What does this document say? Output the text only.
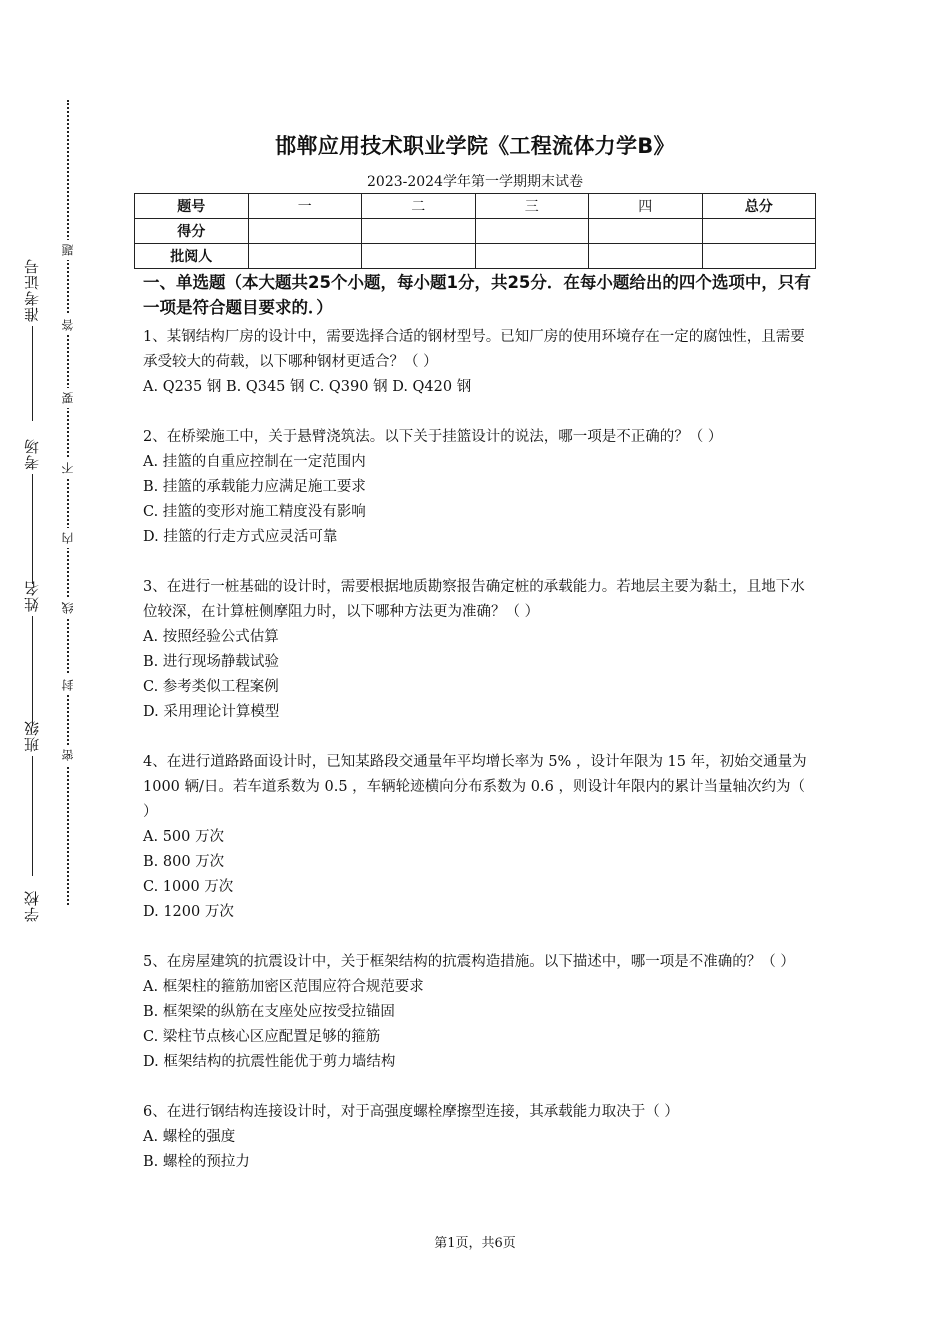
准考证号
考场
姓名
班级
学校
题
答
要
不
内
线
封
密
邯郸应用技术职业学院《工程流体力学B》
2023-2024学年第一学期期末试卷
题号	一	二	三	四	总分
得分					
批阅人					
一、单选题（本大题共25个小题，每小题1分，共25分．在每小题给出的四个选项中，只有一项是符合题目要求的．）
1、某钢结构厂房的设计中，需要选择合适的钢材型号。已知厂房的使用环境存在一定的腐蚀性，且需要承受较大的荷载，以下哪种钢材更适合？（ ）
A. Q235 钢 B. Q345 钢 C. Q390 钢 D. Q420 钢
2、在桥梁施工中，关于悬臂浇筑法。以下关于挂篮设计的说法，哪一项是不正确的？（ ）
A. 挂篮的自重应控制在一定范围内
B. 挂篮的承载能力应满足施工要求
C. 挂篮的变形对施工精度没有影响
D. 挂篮的行走方式应灵活可靠
3、在进行一桩基础的设计时，需要根据地质勘察报告确定桩的承载能力。若地层主要为黏土，且地下水位较深，在计算桩侧摩阻力时，以下哪种方法更为准确？（ ）
A. 按照经验公式估算
B. 进行现场静载试验
C. 参考类似工程案例
D. 采用理论计算模型
4、在进行道路路面设计时，已知某路段交通量年平均增长率为 5% ，设计年限为 15 年，初始交通量为 1000 辆/日。若车道系数为 0.5 ，车辆轮迹横向分布系数为 0.6 ，则设计年限内的累计当量轴次约为（ ）
A. 500 万次
B. 800 万次
C. 1000 万次
D. 1200 万次
5、在房屋建筑的抗震设计中，关于框架结构的抗震构造措施。以下描述中，哪一项是不准确的？（ ）
A. 框架柱的箍筋加密区范围应符合规范要求
B. 框架梁的纵筋在支座处应按受拉锚固
C. 梁柱节点核心区应配置足够的箍筋
D. 框架结构的抗震性能优于剪力墙结构
6、在进行钢结构连接设计时，对于高强度螺栓摩擦型连接，其承载能力取决于（ ）
A. 螺栓的强度
B. 螺栓的预拉力
第1页，共6页
